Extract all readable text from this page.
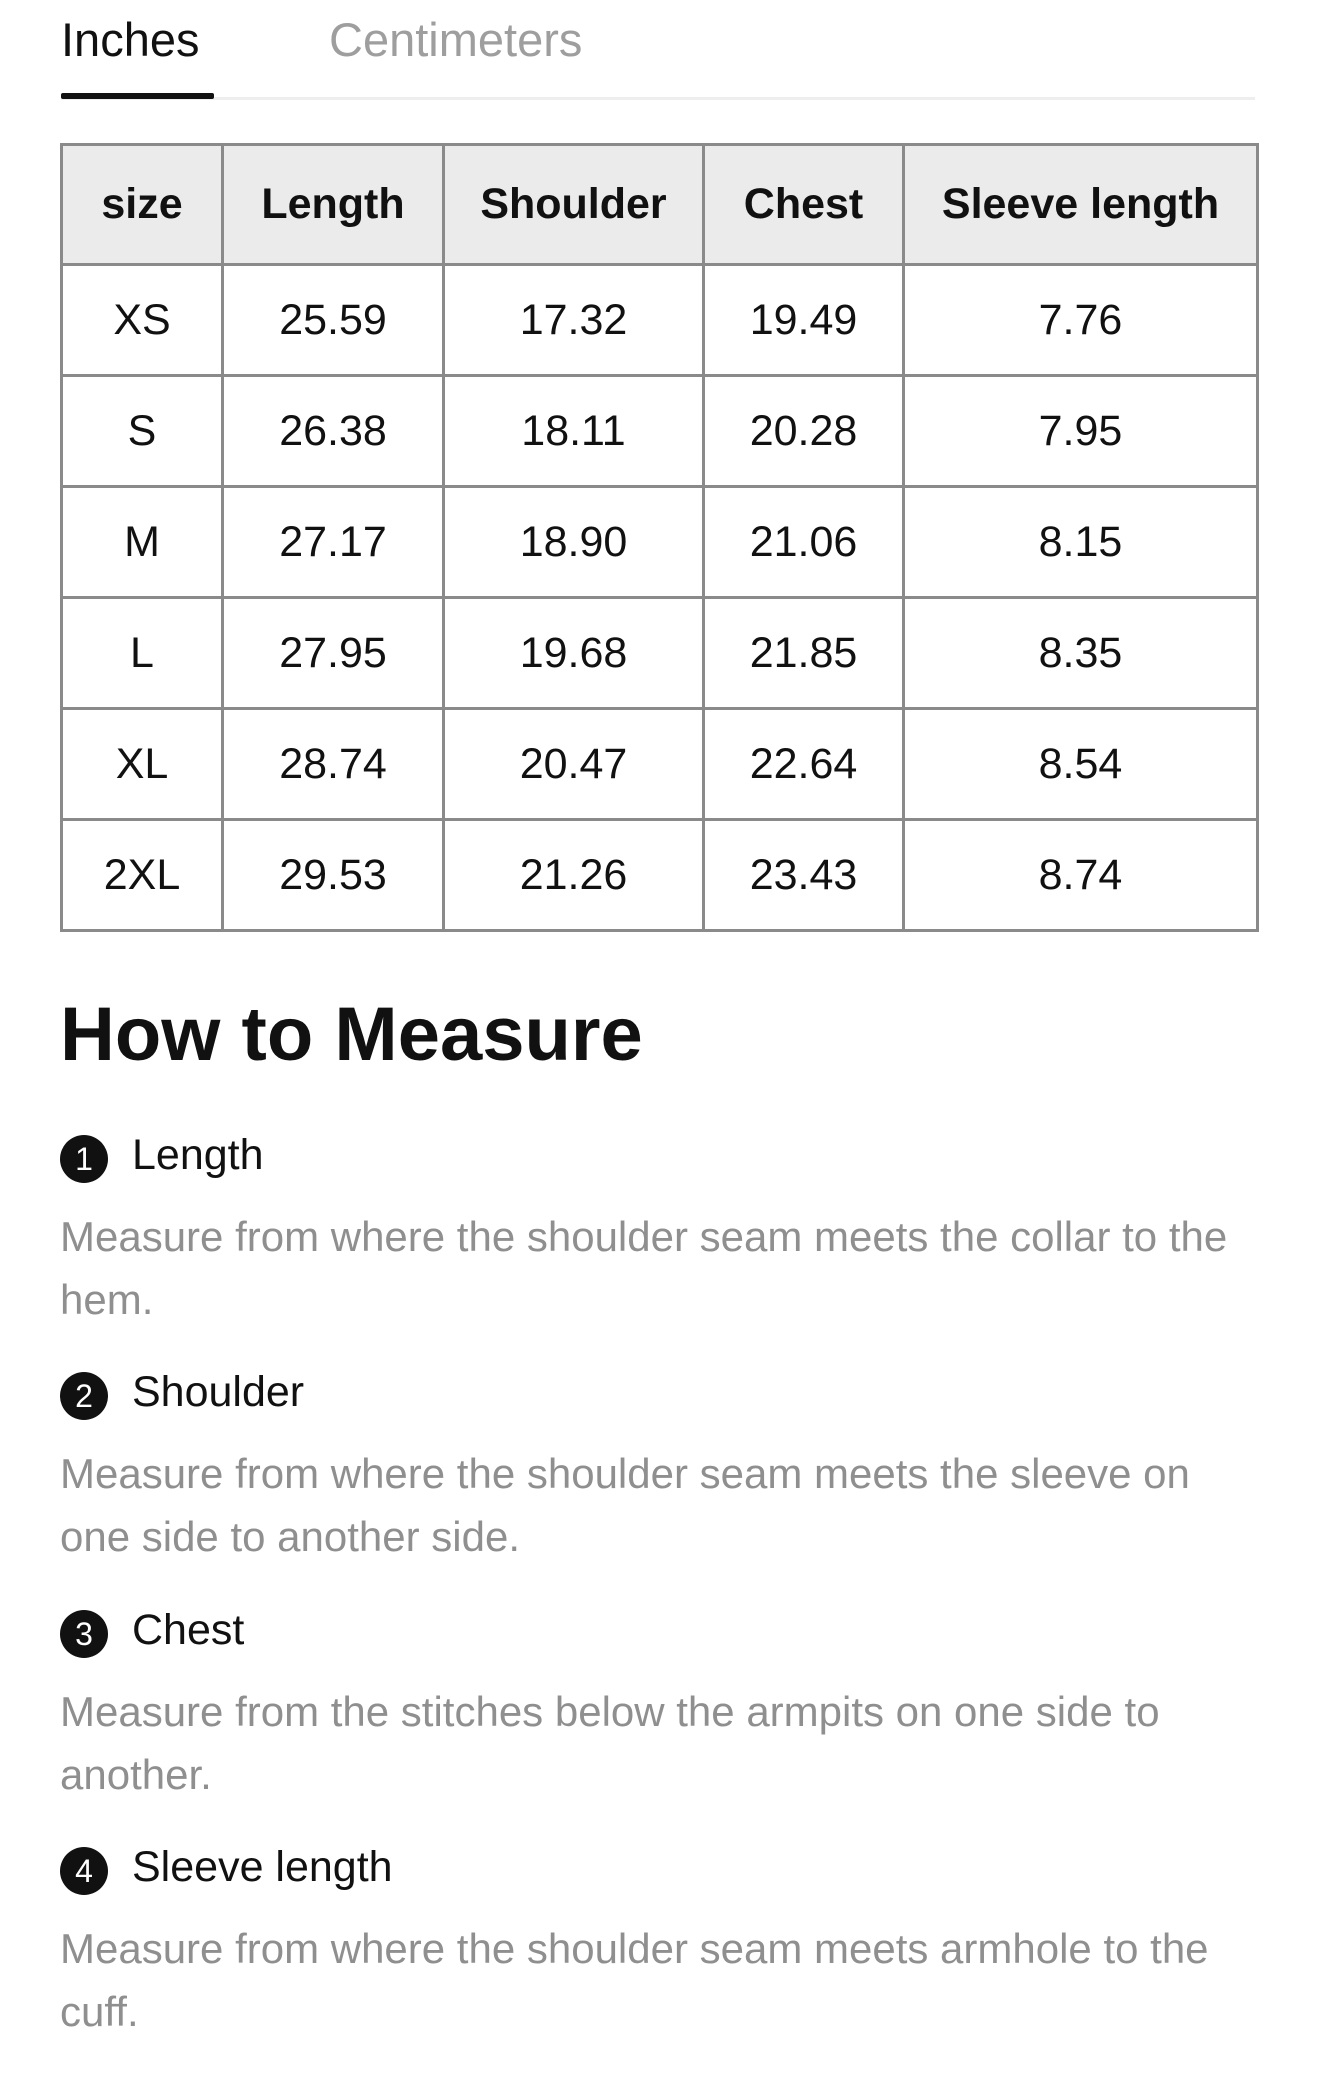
Inches	Centimeters
size	Length	Shoulder	Chest	Sleeve length
XS	25.59	17.32	19.49	7.76
S	26.38	18.11	20.28	7.95
M	27.17	18.90	21.06	8.15
L	27.95	19.68	21.85	8.35
XL	28.74	20.47	22.64	8.54
2XL	29.53	21.26	23.43	8.74
How to Measure
1 Length

Measure from where the shoulder seam meets the collar to the hem.

2 Shoulder

Measure from where the shoulder seam meets the sleeve on one side to another side.

3 Chest

Measure from the stitches below the armpits on one side to another.

4 Sleeve length

Measure from where the shoulder seam meets armhole to the cuff.
